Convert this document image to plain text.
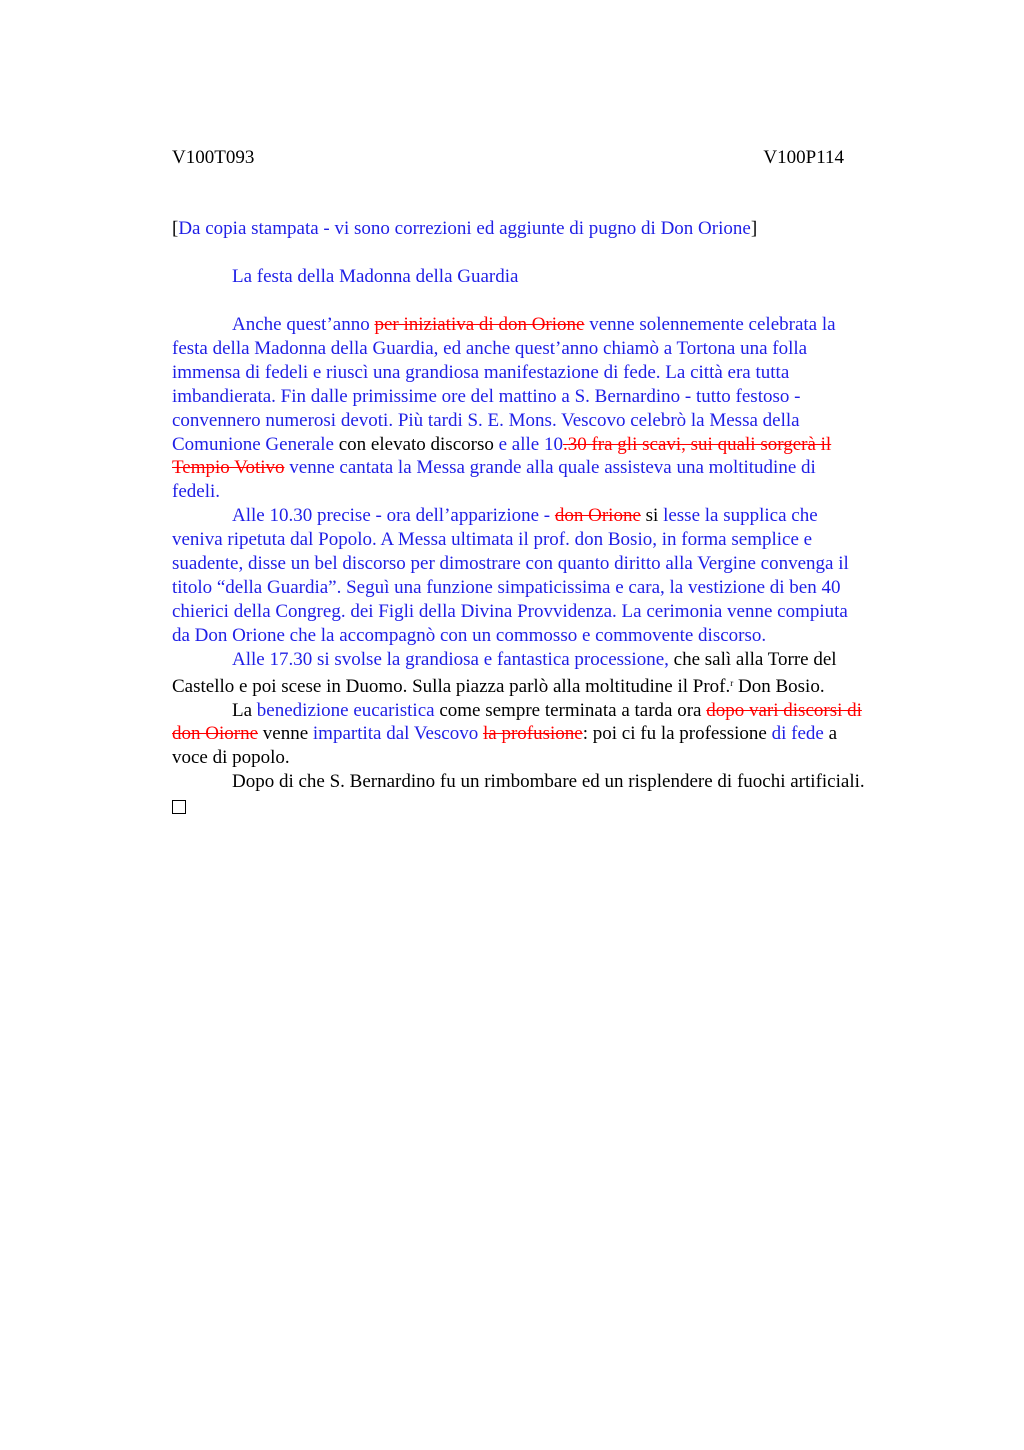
V100T093	V100P114
[Da copia stampata - vi sono correzioni ed aggiunte di pugno di Don Orione]
La festa della Madonna della Guardia

Anche quest’anno per iniziativa di don Orione venne solennemente celebrata la

festa della Madonna della Guardia, ed anche quest’anno chiamò a Tortona una folla

immensa di fedeli e riuscì una grandiosa manifestazione di fede. La città era tutta

imbandierata. Fin dalle primissime ore del mattino a S. Bernardino - tutto festoso -

convennero numerosi devoti. Più tardi S. E. Mons. Vescovo celebrò la Messa della

Comunione Generale con elevato discorso e alle 10.30 fra gli scavi, sui quali sorgerà il

Tempio Votivo venne cantata la Messa grande alla quale assisteva una moltitudine di

fedeli.

Alle 10.30 precise - ora dell’apparizione - don Orione si lesse la supplica che

veniva ripetuta dal Popolo. A Messa ultimata il prof. don Bosio, in forma semplice e

suadente, disse un bel discorso per dimostrare con quanto diritto alla Vergine convenga il

titolo “della Guardia”. Seguì una funzione simpaticissima e cara, la vestizione di ben 40

chierici della Congreg. dei Figli della Divina Provvidenza. La cerimonia venne compiuta

da Don Orione che la accompagnò con un commosso e commovente discorso.

Alle 17.30 si svolse la grandiosa e fantastica processione, che salì alla Torre del

Castello e poi scese in Duomo. Sulla piazza parlò alla moltitudine il Prof.$^r$ Don Bosio.

La benedizione eucaristica come sempre terminata a tarda ora dopo vari discorsi di

don Oiorne venne impartita dal Vescovo la profusione: poi ci fu la professione di fede a

voce di popolo.

Dopo di che S. Bernardino fu un rimbombare ed un risplendere di fuochi artificiali.
